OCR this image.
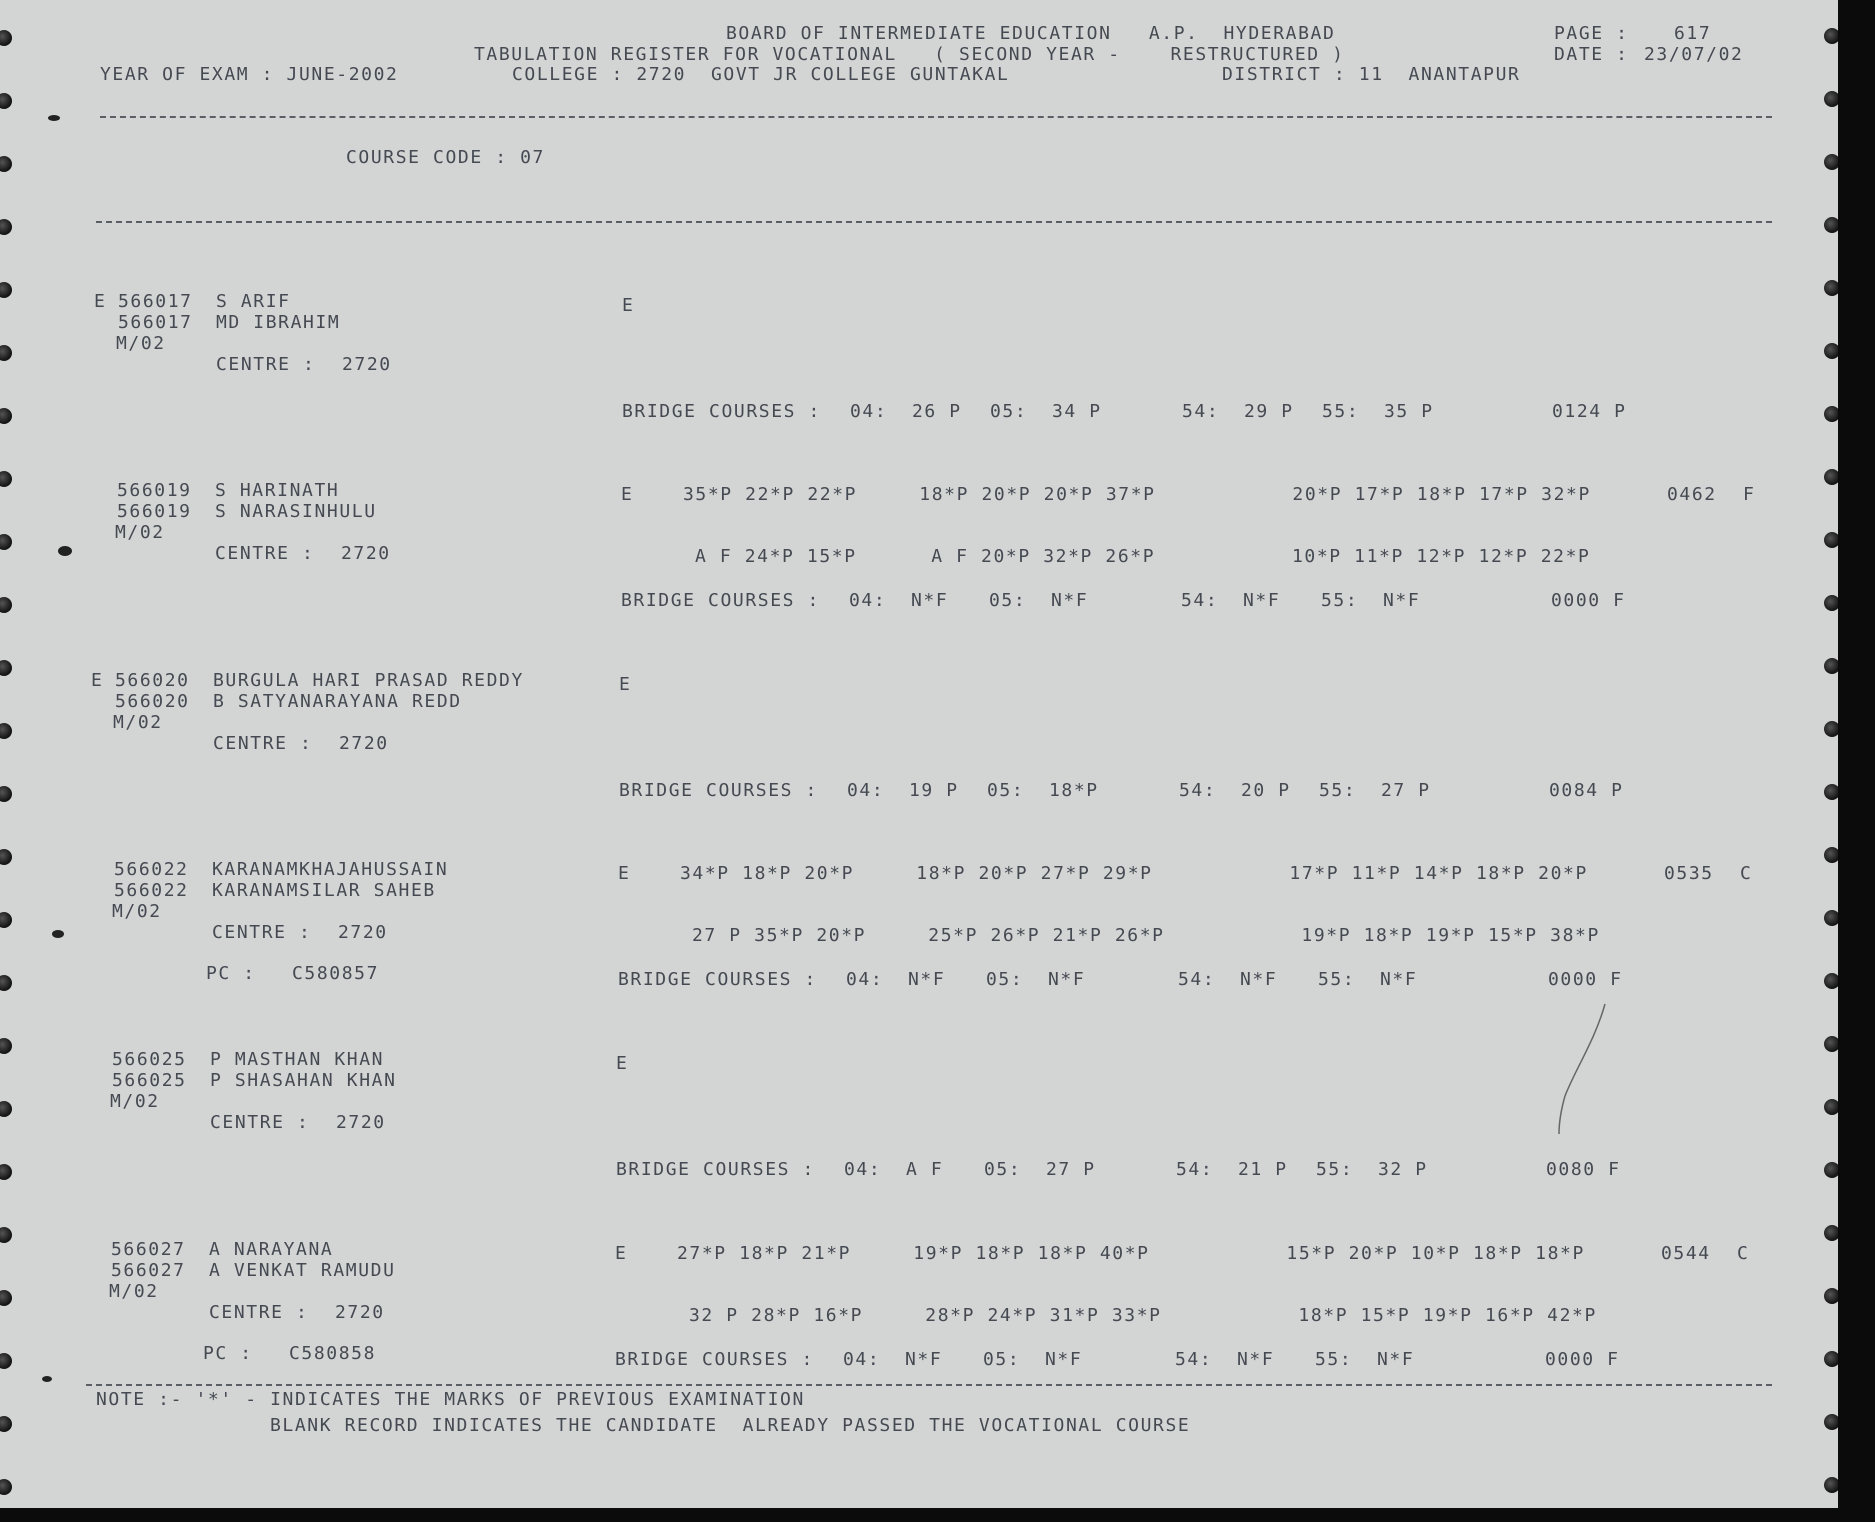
BOARD OF INTERMEDIATE EDUCATION   A.P.  HYDERABAD	PAGE :	617
TABULATION REGISTER FOR VOCATIONAL   ( SECOND YEAR -    RESTRUCTURED )	DATE : 23/07/02
YEAR OF EXAM : JUNE-2002	COLLEGE : 2720  GOVT JR COLLEGE GUNTAKAL	DISTRICT : 11  ANANTAPUR
COURSE CODE : 07
E 566017 S ARIF
566017 MD IBRAHIM
M/02
CENTRE : 2720
E
BRIDGE COURSES : 04: 26 P 05: 34 P	54: 29 P 55: 35 P	0124 P
566019 S HARINATH
566019 S NARASINHULU
M/02
CENTRE : 2720
E	35*P 22*P 22*P     18*P 20*P 20*P 37*P           20*P 17*P 18*P 17*P 32*P	0462 F
A F 24*P 15*P      A F 20*P 32*P 26*P           10*P 11*P 12*P 12*P 22*P
BRIDGE COURSES : 04: N*F 05: N*F	54: N*F 55: N*F	0000 F
E 566020 BURGULA HARI PRASAD REDDY
566020 B SATYANARAYANA REDD
M/02
CENTRE : 2720
E
BRIDGE COURSES : 04: 19 P 05: 18*P	54: 20 P 55: 27 P	0084 P
566022 KARANAMKHAJAHUSSAIN
566022 KARANAMSILAR SAHEB
M/02
CENTRE : 2720
PC : C580857
E	34*P 18*P 20*P     18*P 20*P 27*P 29*P           17*P 11*P 14*P 18*P 20*P	0535 C
27 P 35*P 20*P     25*P 26*P 21*P 26*P           19*P 18*P 19*P 15*P 38*P
BRIDGE COURSES : 04: N*F 05: N*F	54: N*F 55: N*F	0000 F
566025 P MASTHAN KHAN
566025 P SHASAHAN KHAN
M/02
CENTRE : 2720
E
BRIDGE COURSES : 04: A F 05: 27 P	54: 21 P 55: 32 P	0080 F
566027 A NARAYANA
566027 A VENKAT RAMUDU
M/02
CENTRE : 2720
PC : C580858
E	27*P 18*P 21*P     19*P 18*P 18*P 40*P           15*P 20*P 10*P 18*P 18*P	0544 C
32 P 28*P 16*P     28*P 24*P 31*P 33*P           18*P 15*P 19*P 16*P 42*P
BRIDGE COURSES : 04: N*F 05: N*F	54: N*F 55: N*F	0000 F
NOTE :- '*' - INDICATES THE MARKS OF PREVIOUS EXAMINATION
BLANK RECORD INDICATES THE CANDIDATE  ALREADY PASSED THE VOCATIONAL COURSE
